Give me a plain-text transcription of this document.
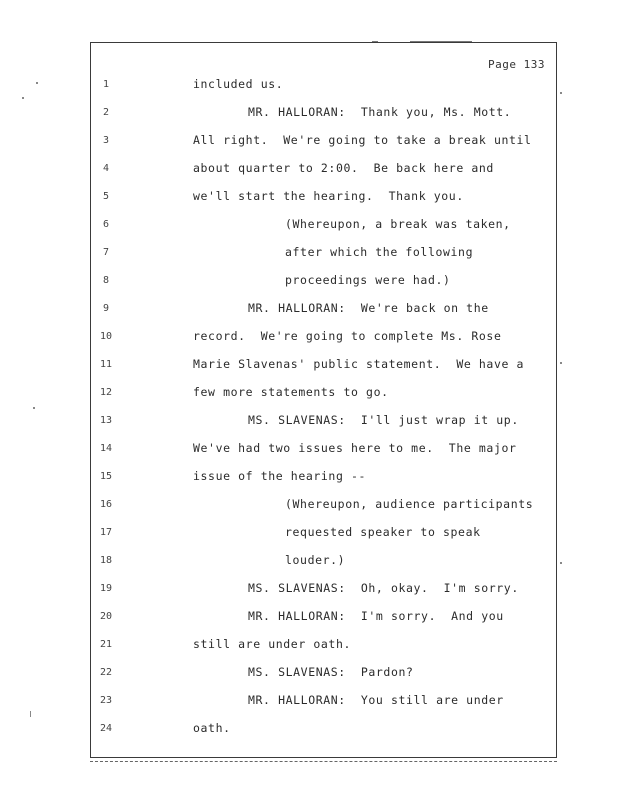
Page 133
1	included us.
2	MR. HALLORAN:  Thank you, Ms. Mott.
3	All right.  We're going to take a break until
4	about quarter to 2:00.  Be back here and
5	we'll start the hearing.  Thank you.
6	(Whereupon, a break was taken,
7	after which the following
8	proceedings were had.)
9	MR. HALLORAN:  We're back on the
10	record.  We're going to complete Ms. Rose
11	Marie Slavenas' public statement.  We have a
12	few more statements to go.
13	MS. SLAVENAS:  I'll just wrap it up.
14	We've had two issues here to me.  The major
15	issue of the hearing --
16	(Whereupon, audience participants
17	requested speaker to speak
18	louder.)
19	MS. SLAVENAS:  Oh, okay.  I'm sorry.
20	MR. HALLORAN:  I'm sorry.  And you
21	still are under oath.
22	MS. SLAVENAS:  Pardon?
23	MR. HALLORAN:  You still are under
24	oath.
